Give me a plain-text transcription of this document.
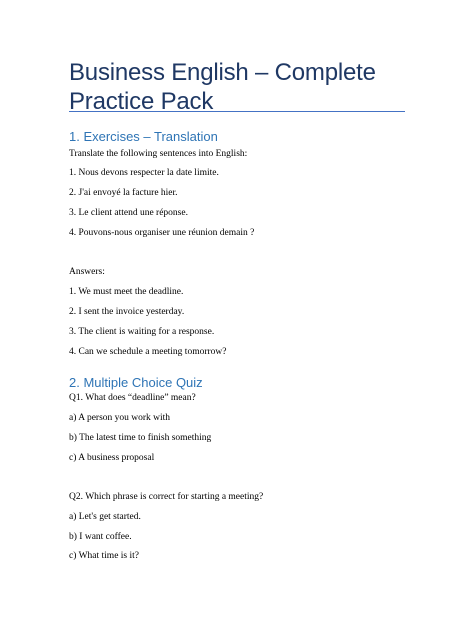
Business English – Complete Practice Pack
1. Exercises – Translation

Translate the following sentences into English:

1. Nous devons respecter la date limite.

2. J'ai envoyé la facture hier.

3. Le client attend une réponse.

4. Pouvons-nous organiser une réunion demain ?

Answers:

1. We must meet the deadline.

2. I sent the invoice yesterday.

3. The client is waiting for a response.

4. Can we schedule a meeting tomorrow?

2. Multiple Choice Quiz

Q1. What does “deadline” mean?

a) A person you work with

b) The latest time to finish something

c) A business proposal

Q2. Which phrase is correct for starting a meeting?

a) Let's get started.

b) I want coffee.

c) What time is it?
